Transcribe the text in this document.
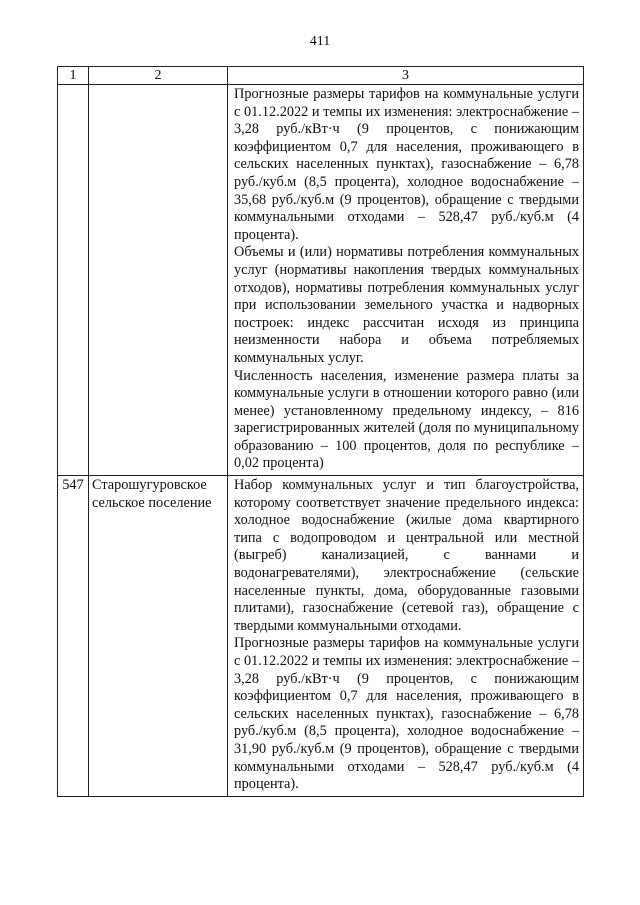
411
1	2	3

		Прогнозные размеры тарифов на коммунальные услуги с 01.12.2022 и темпы их изменения: электроснабжение – 3,28 руб./кВт·ч (9 процентов, с понижающим коэффициентом 0,7 для населения, проживающего в сельских населенных пунктах), газоснабжение – 6,78 руб./куб.м (8,5 процента), холодное водоснабжение – 35,68 руб./куб.м (9 процентов), обращение с твердыми коммунальными отходами – 528,47 руб./куб.м (4 процента).

Объемы и (или) нормативы потребления коммунальных услуг (нормативы накопления твердых коммунальных отходов), нормативы потребления коммунальных услуг при использовании земельного участка и надворных построек: индекс рассчитан исходя из принципа неизменности набора и объема потребляемых коммунальных услуг.

Численность населения, изменение размера платы за коммунальные услуги в отношении которого равно (или менее) установленному предельному индексу, – 816 зарегистрированных жителей (доля по муниципальному образованию – 100 процентов, доля по республике – 0,02 процента)

547	Старошугуровское сельское поселение	Набор коммунальных услуг и тип благоустройства, которому соответствует значение предельного индекса: холодное водоснабжение (жилые дома квартирного типа с водопроводом и центральной или местной (выгреб) канализацией, с ваннами и водонагревателями), электроснабжение (сельские населенные пункты, дома, оборудованные газовыми плитами), газоснабжение (сетевой газ), обращение с твердыми коммунальными отходами.

Прогнозные размеры тарифов на коммунальные услуги с 01.12.2022 и темпы их изменения: электроснабжение – 3,28 руб./кВт·ч (9 процентов, с понижающим коэффициентом 0,7 для населения, проживающего в сельских населенных пунктах), газоснабжение – 6,78 руб./куб.м (8,5 процента), холодное водоснабжение – 31,90 руб./куб.м (9 процентов), обращение с твердыми коммунальными отходами – 528,47 руб./куб.м (4 процента).
